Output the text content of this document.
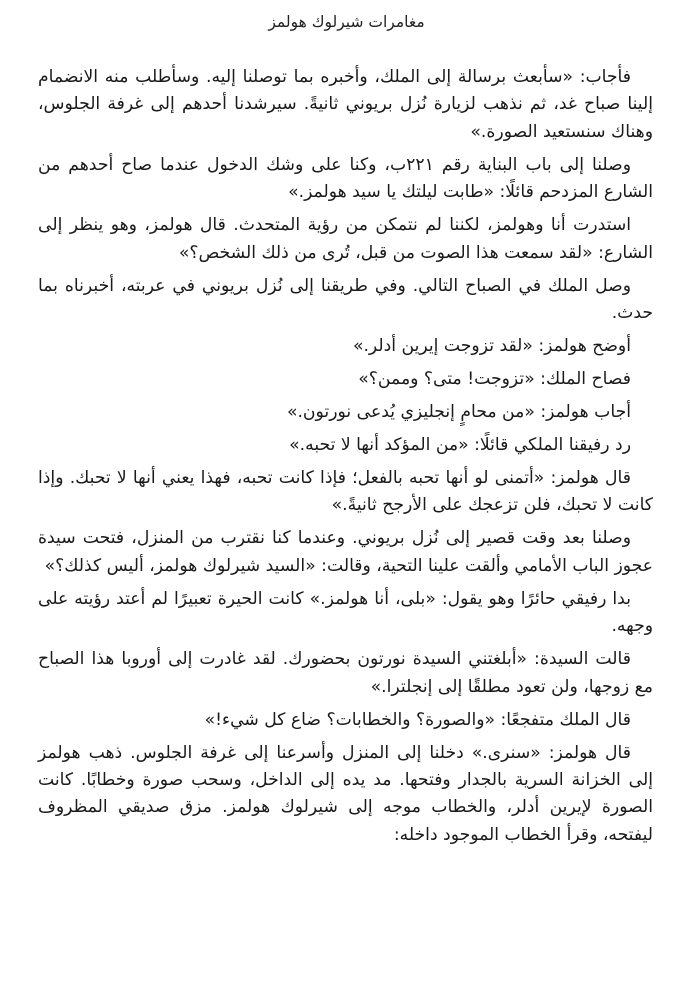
مغامرات شيرلوك هولمز

فأجاب: «سأبعث برسالة إلى الملك، وأخبره بما توصلنا إليه. وسأطلب منه الانضمام إلينا صباح غد، ثم نذهب لزيارة نُزل بريوني ثانيةً. سيرشدنا أحدهم إلى غرفة الجلوس، وهناك سنستعيد الصورة.»

وصلنا إلى باب البناية رقم ٢٢١ب، وكنا على وشك الدخول عندما صاح أحدهم من الشارع المزدحم قائلًا: «طابت ليلتك يا سيد هولمز.»

استدرت أنا وهولمز، لكننا لم نتمكن من رؤية المتحدث. قال هولمز، وهو ينظر إلى الشارع: «لقد سمعت هذا الصوت من قبل، تُرى من ذلك الشخص؟»

وصل الملك في الصباح التالي. وفي طريقنا إلى نُزل بريوني في عربته، أخبرناه بما حدث.

أوضح هولمز: «لقد تزوجت إيرين أدلر.»

فصاح الملك: «تزوجت! متى؟ وممن؟»

أجاب هولمز: «من محامٍ إنجليزي يُدعى نورتون.»

رد رفيقنا الملكي قائلًا: «من المؤكد أنها لا تحبه.»

قال هولمز: «أتمنى لو أنها تحبه بالفعل؛ فإذا كانت تحبه، فهذا يعني أنها لا تحبك. وإذا كانت لا تحبك، فلن تزعجك على الأرجح ثانيةً.»

وصلنا بعد وقت قصير إلى نُزل بريوني. وعندما كنا نقترب من المنزل، فتحت سيدة عجوز الباب الأمامي وألقت علينا التحية، وقالت: «السيد شيرلوك هولمز، أليس كذلك؟»

بدا رفيقي حائرًا وهو يقول: «بلى، أنا هولمز.» كانت الحيرة تعبيرًا لم أعتد رؤيته على وجهه.

قالت السيدة: «أبلغتني السيدة نورتون بحضورك. لقد غادرت إلى أوروبا هذا الصباح مع زوجها، ولن تعود مطلقًا إلى إنجلترا.»

قال الملك متفجعًا: «والصورة؟ والخطابات؟ ضاع كل شيء!»

قال هولمز: «سنرى.» دخلنا إلى المنزل وأسرعنا إلى غرفة الجلوس. ذهب هولمز إلى الخزانة السرية بالجدار وفتحها. مد يده إلى الداخل، وسحب صورة وخطابًا. كانت الصورة لإيرين أدلر، والخطاب موجه إلى شيرلوك هولمز. مزق صديقي المظروف ليفتحه، وقرأ الخطاب الموجود داخله:
